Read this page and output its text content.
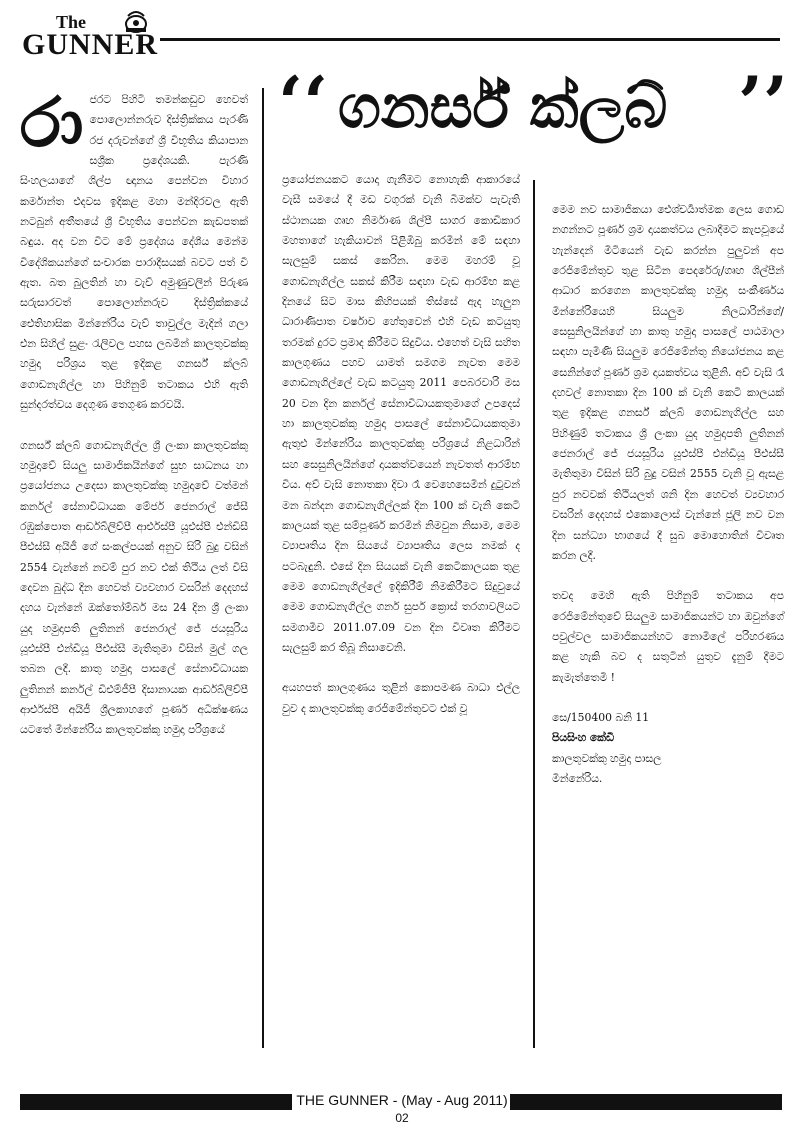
The
GUNNER
‘‘ ගනර්ස් ක්ලබ් ’’

රා ජරට පිහිටි තමන්කඩුව හෙවත් පොලොන්නරුව දිස්ත්‍රික්කය පැරණි රජ දරුවන්ගේ ශ්‍රී විභූතිය කියාපාන සශ්‍රීක ප්‍රදේශයකි. පැරණි සිංහලයාගේ ශිල්ප ඥානය පෙන්වන විහාර කර්මාන්ත එදවස ඉදිකළ මහා මන්දිරවල ඇති නටබුන් අතීතයේ ශ්‍රී විභූතිය පෙන්වන කැඩපතක් බඳුය. අද වන විට මේ ප්‍රදේශය දේශීය මෙන්ම විදේශිකයන්ගේ සංචාරක පාරාදීසයක් බවට පත් වී ඇත. බත බුලතින් හා වැව් අමුණුවලින් පිරුණ සරුසාරවත් පොලොන්නරුව දිස්ත්‍රික්කයේ ඓතිහාසික මින්නේරිය වැව් තාවුල්ල මැදින් ගලා එන සිහිල් සුළං රැලිවල පහස ලබමින් කාලතුවක්කු හමුදා පරිශ්‍රය තුළ ඉදිකළ ගනර්ස් ක්ලබ් ගොඩනැගිල්ල හා පිහිනුම් තටාකය එහි ඇති සුන්දරත්වය දෙගුණ තෙගුණ කරවයි.

ගනර්ස් ක්ලබ් ගොඩනැගිල්ල ශ්‍රී ලංකා කාලතුවක්කු හමුදාවේ සියලු සාමාජිකයින්ගේ සුභ සාධනය හා ප්‍රයෝජනය උදෙසා කාලතුවක්කු හමුදාවේ වත්මන් කර්නල් සේනාවිධායක මේජර් ජෙනරාල් ජේසී රඹුක්පොත ආර්ඩබ්ලිව්පී ආර්එස්පී යූඑස්පී එන්ඩීසී පීඑස්සී අයිජී ගේ සංකල්පයක් අනුව සිරි බුදු වසින් 2554 වැන්නේ නවම් පුර නව එක් තිථිය ලත් විසි දෙවන බුද්ධ දින හෙවත් ව්‍යවහාර වසරින් දෙදහස් දහය වැන්නේ ඔක්තෝම්බර් මස 24 දින ශ්‍රී ලංකා යුද හමුදාපති ලුතිනන් ජෙනරාල් ජේ ජයසූරිය යූඑස්පී එන්ඩීයූ පීඑස්සී මැතිතුමා විසින් මුල් ගල තබන ලදී. කාතු හමුදා පාසලේ සේනාවිධායක ලුතිනන් කර්නල් ඩීඑම්ජීපී දිසානායක ආර්ඩබ්ලිව්පී ආර්එස්පී අයිජී ශ්‍රීලකාහගේ පූර්ණ අධීක්ෂණය යටතේ මින්නේරිය කාලතුවක්කු හමුදා පරිශ්‍රයේ

ප්‍රයෝජනයකට යොදා ගැනීමට නොහැකි ආකාරයේ වැසී සමයේ දී මඩ වගුරක් වැනි බිමක්ව පැවැති ස්ථානයක ගෘහ නිර්මාණ ශිල්පී සාගර කොඩිකාර මහතාගේ හැකියාවන් පිළිඹිබු කරමින් මේ සඳහා සැලසුම් සකස් කෙරින. මෙම මහරම් වූ ගොඩනැගිල්ල සකස් කිරීම සඳහා වැඩ ආරම්භ කළ දිනයේ සිට මාස කිහිපයක් තිස්සේ ඇද හැලුන ධාරාණිපාත වර්ෂාව හේතුවෙන් එහි වැඩ කටයුතු තරමක් දුරට ප්‍රමාද කිරීමට සිදුවිය. එහෙත් වැසි සහිත කාලගුණය පහව යාමත් සමගම නැවත මෙම ගොඩනැගිල්ලේ වැඩ කටයුතු 2011 පෙබරවාරි මස 20 වන දින කර්නල් සේනාවිධායකතුමාගේ උපදෙස් හා කාලතුවක්කු හමුදා පාසලේ සේනාවිධායකතුමා ඇතුළු මින්නේරිය කාලතුවක්කු පරිශ්‍රයේ නිළධාරින් සහ සෙසුනිලයින්ගේ දායකත්වයෙන් නැවතත් ආරම්භ විය. අව් වැසි නොතකා දිවා රෑ වෙහෙසෙමින් දුටුවන් මන බන්දන ගොඩනැගිල්ලක් දින 100 ක් වැනි කෙටි කාලයක් තුළ සම්පූර්ණ කරමින් නිමවුන නිසාම, මෙම ව්‍යාපෘතිය දින සියයේ ව්‍යාපෘතිය ලෙස නමක් ද පටබැඳුනි. එසේ දින සියයක් වැනි කෙටිකාලයක තුළ මෙම ගොඩනැගිල්ලේ ඉදිකිරීම් නිමකිරීමට සිදුවුයේ මෙම ගොඩනැගිල්ල ගනර් සුපර් ක්‍රොස් තරගාවලියට සමගාමීව 2011.07.09 වන දින විවෘත කිරීමට සැලසුම් කර තිබූ නිසාවෙනි.

අයහපත් කාලගුණය තුළින් කොපමණ බාධා එල්ල වුව ද කාලතුවක්කු රෙජිමේන්තුවට එක් වූ

මෙම නව සාමාජිකයා ඓශ්චර්‍යාත්මක ලෙස ගොඩ නගන්නට පූර්ණ ශ්‍රම දායකත්වය ලබාදීමට කැපවූයේ හැන්දෙන් මිටියෙන් වැඩ කරන්න පුලුවන් අප රෙජිමේන්තුව තුළ සිටින පෙදරේරු/ගෘහ ශිල්පීන් ආධාර කරගෙන කාලතුවක්කු හමුදා සංකීර්ණය මින්නේරියෙහි සියලුම නිලධාරින්ගේ/ සෙසුනිලයින්ගේ හා කාතු හමුදා පාසලේ පාඨමාලා සඳහා පැමිණි සියලුම රෙජිමේන්තු නියෝජනය කළ සෙනින්ගේ පූර්ණ ශ්‍රම දායකත්වය තුළිනි. අව් වැසි රෑ දහවල් නොතකා දින 100 ක් වැනි කෙටි කාලයක් තුළ ඉදිකළ ගනර්ස් ක්ලබ් ගොඩනැගිල්ල සහ පිහිණුම් තටාකය ශ්‍රී ලංකා යුද හමුදාපති ලුතිනන් ජෙනරාල් ජේ ජයසූරිය යූඑස්පී එන්ඩීයූ පීඑස්සී මැතිතුමා විසින් සිරි බුදු වසින් 2555 වැනි වූ ඇසළ පුර නවවක් තිථියලත් ශනි දින හෙවත් ව්‍යවහාර වසරින් දෙදහස් එකොලොස් වැන්නේ ජූලි නව වන දින සන්ධ්‍යා භාගයේ දී සුබ මොහොතින් විවෘත කරන ලදී.

තවද මෙහි ඇති පිහිනුම් තටාකය අප රෙජිමේන්තුවේ සියලුම සාමාජිකයන්ට හා ඔවුන්ගේ පවුල්වල සාමාජිකයන්හට නොමිලේ පරිහරණය කළ හැකි බව ද සතුටින් යුතුව දැනුම් දීමට කැමැත්තෙමි !

සෙ/150400 බනි 11
පියසිංහ කේඩී
කාලතුවක්කු හමුදා පාසල
මින්නේරිය.
THE GUNNER - (May - Aug 2011)
02
